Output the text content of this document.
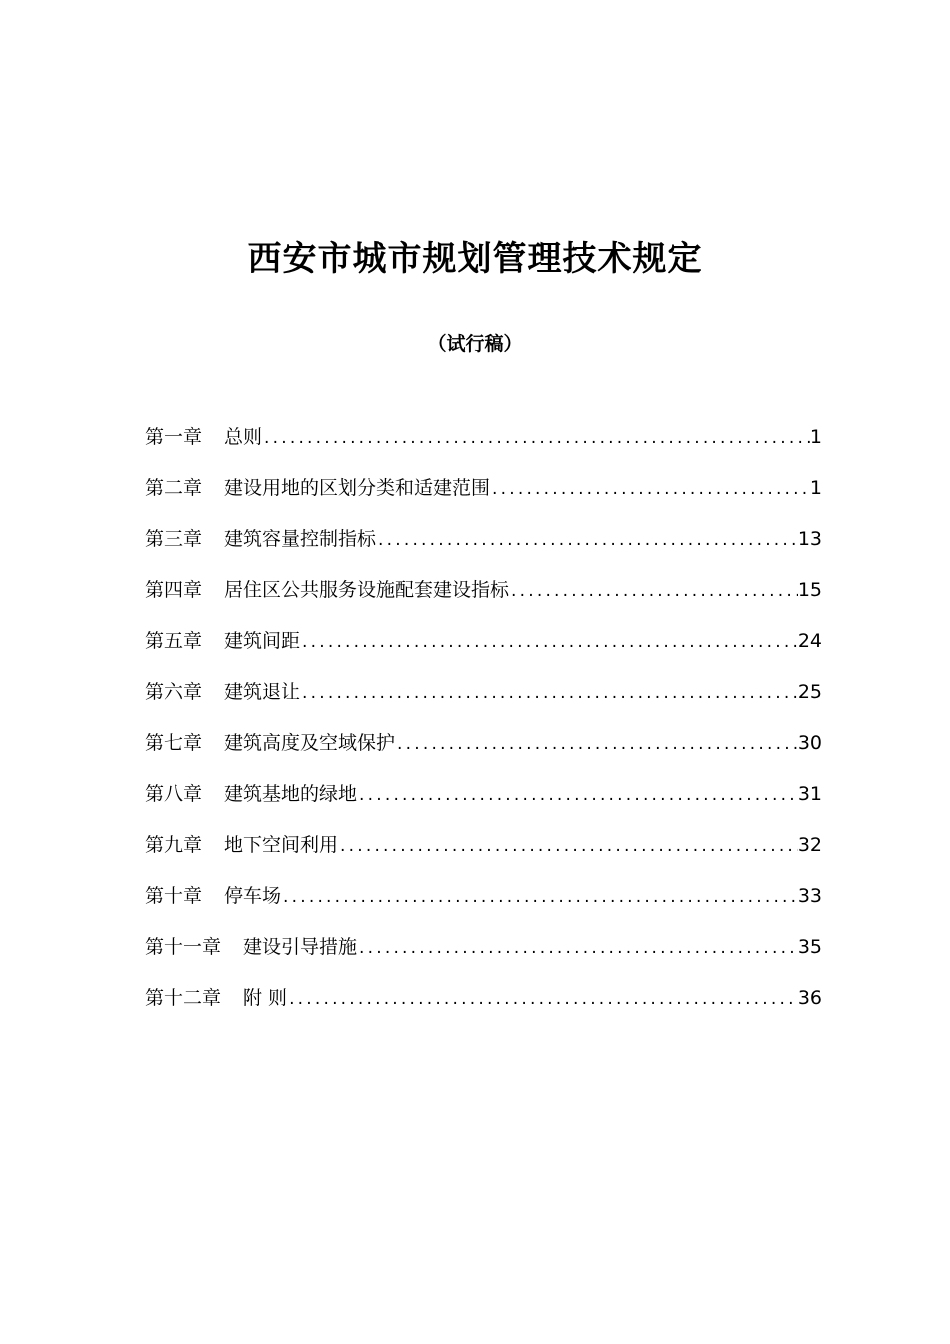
西安市城市规划管理技术规定
（试行稿）
第一章 总则 .....	1
第二章 建设用地的区划分类和适建范围 .....	1
第三章 建筑容量控制指标 .....	13
第四章 居住区公共服务设施配套建设指标 .....	15
第五章 建筑间距 .....	24
第六章 建筑退让 .....	25
第七章 建筑高度及空域保护 .....	30
第八章 建筑基地的绿地 .....	31
第九章 地下空间利用 .....	32
第十章 停车场 .....	33
第十一章 建设引导措施 .....	35
第十二章 附 则 .....	36
